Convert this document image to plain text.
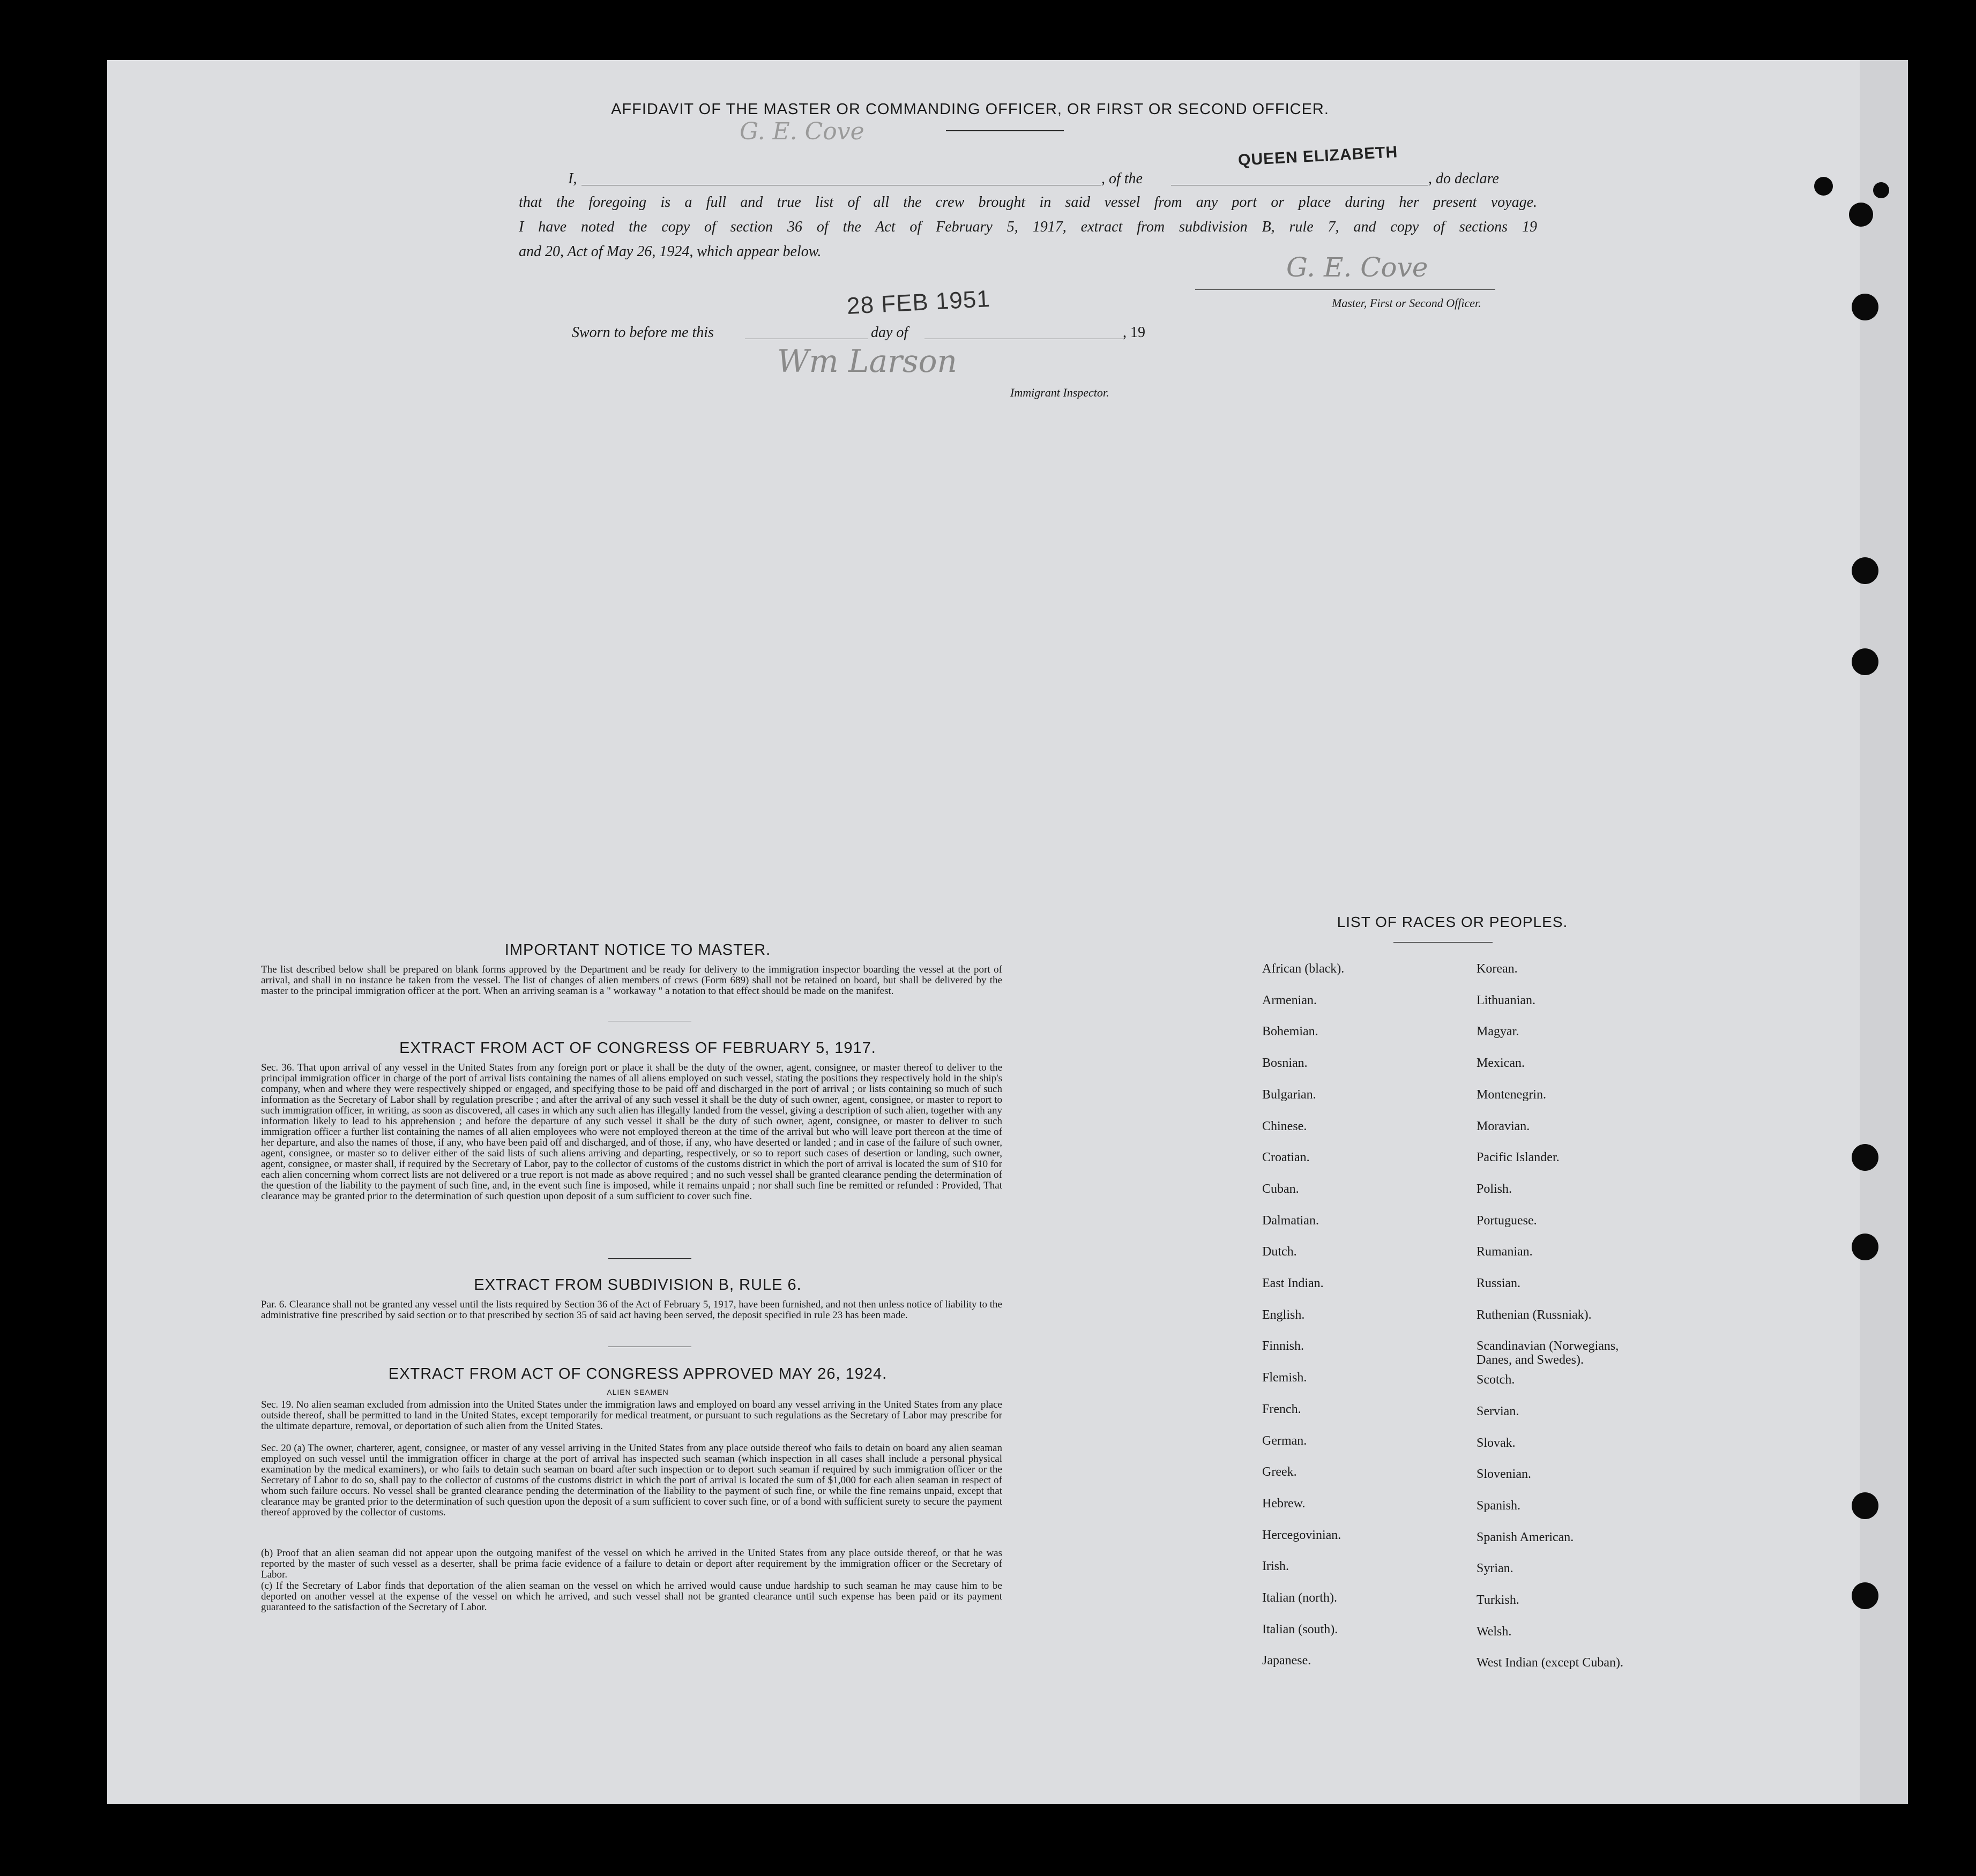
AFFIDAVIT OF THE MASTER OR COMMANDING OFFICER, OR FIRST OR SECOND OFFICER.
G. E. Cove
I,	, of the
QUEEN ELIZABETH
, do declare
that the foregoing is a full and true list of all the crew brought in said vessel from any port or place during her present voyage.
I have noted the copy of section 36 of the Act of February 5, 1917, extract from subdivision B, rule 7, and copy of sections 19
and 20, Act of May 26, 1924, which appear below.
G. E. Cove
Master, First or Second Officer.
28 FEB 1951
Sworn to before me this	day of	, 19
Wm Larson
Immigrant Inspector.
IMPORTANT NOTICE TO MASTER.
The list described below shall be prepared on blank forms approved by the Department and be ready for delivery to the immigration inspector boarding the vessel at the port of arrival, and shall in no instance be taken from the vessel. The list of changes of alien members of crews (Form 689) shall not be retained on board, but shall be delivered by the master to the principal immigration officer at the port. When an arriving seaman is a " workaway " a notation to that effect should be made on the manifest.
EXTRACT FROM ACT OF CONGRESS OF FEBRUARY 5, 1917.
Sec. 36. That upon arrival of any vessel in the United States from any foreign port or place it shall be the duty of the owner, agent, consignee, or master thereof to deliver to the principal immigration officer in charge of the port of arrival lists containing the names of all aliens employed on such vessel, stating the positions they respectively hold in the ship's company, when and where they were respectively shipped or engaged, and specifying those to be paid off and discharged in the port of arrival ; or lists containing so much of such information as the Secretary of Labor shall by regulation prescribe ; and after the arrival of any such vessel it shall be the duty of such owner, agent, consignee, or master to report to such immigration officer, in writing, as soon as discovered, all cases in which any such alien has illegally landed from the vessel, giving a description of such alien, together with any information likely to lead to his apprehension ; and before the departure of any such vessel it shall be the duty of such owner, agent, consignee, or master to deliver to such immigration officer a further list containing the names of all alien employees who were not employed thereon at the time of the arrival but who will leave port thereon at the time of her departure, and also the names of those, if any, who have been paid off and discharged, and of those, if any, who have deserted or landed ; and in case of the failure of such owner, agent, consignee, or master so to deliver either of the said lists of such aliens arriving and departing, respectively, or so to report such cases of desertion or landing, such owner, agent, consignee, or master shall, if required by the Secretary of Labor, pay to the collector of customs of the customs district in which the port of arrival is located the sum of $10 for each alien concerning whom correct lists are not delivered or a true report is not made as above required ; and no such vessel shall be granted clearance pending the determination of the question of the liability to the payment of such fine, and, in the event such fine is imposed, while it remains unpaid ; nor shall such fine be remitted or refunded : Provided, That clearance may be granted prior to the determination of such question upon deposit of a sum sufficient to cover such fine.
EXTRACT FROM SUBDIVISION B, RULE 6.
Par. 6. Clearance shall not be granted any vessel until the lists required by Section 36 of the Act of February 5, 1917, have been furnished, and not then unless notice of liability to the administrative fine prescribed by said section or to that prescribed by section 35 of said act having been served, the deposit specified in rule 23 has been made.
EXTRACT FROM ACT OF CONGRESS APPROVED MAY 26, 1924.
ALIEN SEAMEN
Sec. 19. No alien seaman excluded from admission into the United States under the immigration laws and employed on board any vessel arriving in the United States from any place outside thereof, shall be permitted to land in the United States, except temporarily for medical treatment, or pursuant to such regulations as the Secretary of Labor may prescribe for the ultimate departure, removal, or deportation of such alien from the United States.
Sec. 20 (a) The owner, charterer, agent, consignee, or master of any vessel arriving in the United States from any place outside thereof who fails to detain on board any alien seaman employed on such vessel until the immigration officer in charge at the port of arrival has inspected such seaman (which inspection in all cases shall include a personal physical examination by the medical examiners), or who fails to detain such seaman on board after such inspection or to deport such seaman if required by such immigration officer or the Secretary of Labor to do so, shall pay to the collector of customs of the customs district in which the port of arrival is located the sum of $1,000 for each alien seaman in respect of whom such failure occurs. No vessel shall be granted clearance pending the determination of the liability to the payment of such fine, or while the fine remains unpaid, except that clearance may be granted prior to the determination of such question upon the deposit of a sum sufficient to cover such fine, or of a bond with sufficient surety to secure the payment thereof approved by the collector of customs.
(b) Proof that an alien seaman did not appear upon the outgoing manifest of the vessel on which he arrived in the United States from any place outside thereof, or that he was reported by the master of such vessel as a deserter, shall be prima facie evidence of a failure to detain or deport after requirement by the immigration officer or the Secretary of Labor.
(c) If the Secretary of Labor finds that deportation of the alien seaman on the vessel on which he arrived would cause undue hardship to such seaman he may cause him to be deported on another vessel at the expense of the vessel on which he arrived, and such vessel shall not be granted clearance until such expense has been paid or its payment guaranteed to the satisfaction of the Secretary of Labor.
LIST OF RACES OR PEOPLES.
African (black).
Armenian.
Bohemian.
Bosnian.
Bulgarian.
Chinese.
Croatian.
Cuban.
Dalmatian.
Dutch.
East Indian.
English.
Finnish.
Flemish.
French.
German.
Greek.
Hebrew.
Hercegovinian.
Irish.
Italian (north).
Italian (south).
Japanese.
Korean.
Lithuanian.
Magyar.
Mexican.
Montenegrin.
Moravian.
Pacific Islander.
Polish.
Portuguese.
Rumanian.
Russian.
Ruthenian (Russniak).
Scandinavian (Norwegians, Danes, and Swedes).
Scotch.
Servian.
Slovak.
Slovenian.
Spanish.
Spanish American.
Syrian.
Turkish.
Welsh.
West Indian (except Cuban).
